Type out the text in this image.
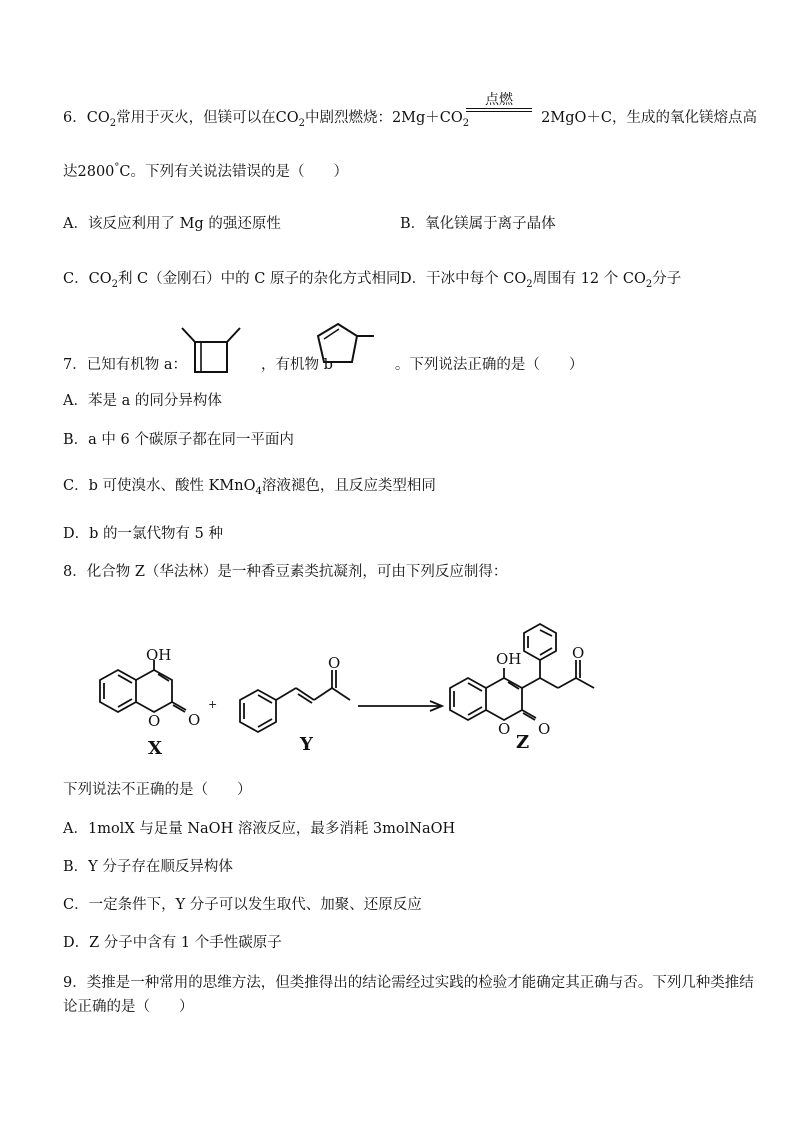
6．$CO_2$常用于灭火，但镁可以在$CO_2$中剧烈燃烧：$2Mg+CO_2$	2MgO＋C，生成的氧化镁熔点高
点燃
达2800°C。下列有关说法错误的是（　　）
A．该反应利用了 Mg 的强还原性	B．氧化镁属于离子晶体
C．$CO_2$利 C（金刚石）中的 C 原子的杂化方式相同 D．干冰中每个 $CO_2$周围有 12 个 $CO_2$分子
7．已知有机物 a：	，有机物 b	。下列说法正确的是（　　）
A．苯是 a 的同分异构体
B．a 中 6 个碳原子都在同一平面内
C．b 可使溴水、酸性 KMnO$_4$溶液褪色，且反应类型相同
D．b 的一氯代物有 5 种
8．化合物 Z（华法林）是一种香豆素类抗凝剂，可由下列反应制得：
OH
O O
+
O	OH
O O
O
X	Y	Z
下列说法不正确的是（　　）
A．1molX 与足量 NaOH 溶液反应，最多消耗 3molNaOH
B．Y 分子存在顺反异构体
C．一定条件下，Y 分子可以发生取代、加聚、还原反应
D．Z 分子中含有 1 个手性碳原子
9．类推是一种常用的思维方法，但类推得出的结论需经过实践的检验才能确定其正确与否。下列几种类推结
论正确的是（　　）
